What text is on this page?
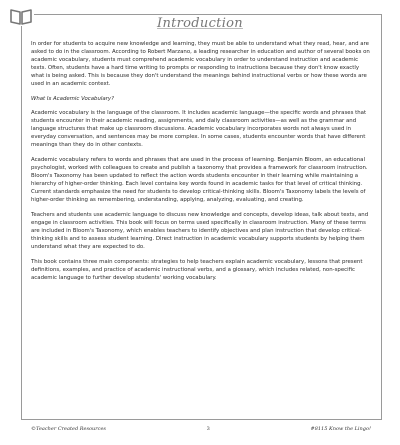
Introduction

In order for students to acquire new knowledge and learning, they must be able to understand what they read, hear, and are asked to do in the classroom. According to Robert Marzano, a leading researcher in education and author of several books on academic vocabulary, students must comprehend academic vocabulary in order to understand instruction and academic texts. Often, students have a hard time writing to prompts or responding to instructions because they don't know exactly what is being asked. This is because they don't understand the meanings behind instructional verbs or how these words are used in an academic context.

What Is Academic Vocabulary?

Academic vocabulary is the language of the classroom. It includes academic language—the specific words and phrases that students encounter in their academic reading, assignments, and daily classroom activities—as well as the grammar and language structures that make up classroom discussions. Academic vocabulary incorporates words not always used in everyday conversation, and sentences may be more complex. In some cases, students encounter words that have different meanings than they do in other contexts.

Academic vocabulary refers to words and phrases that are used in the process of learning. Benjamin Bloom, an educational psychologist, worked with colleagues to create and publish a taxonomy that provides a framework for classroom instruction. Bloom's Taxonomy has been updated to reflect the action words students encounter in their learning while maintaining a hierarchy of higher-order thinking. Each level contains key words found in academic tasks for that level of critical thinking. Current standards emphasize the need for students to develop critical-thinking skills. Bloom's Taxonomy labels the levels of higher-order thinking as remembering, understanding, applying, analyzing, evaluating, and creating.

Teachers and students use academic language to discuss new knowledge and concepts, develop ideas, talk about texts, and engage in classroom activities. This book will focus on terms used specifically in classroom instruction. Many of these terms are included in Bloom's Taxonomy, which enables teachers to identify objectives and plan instruction that develop critical-thinking skills and to assess student learning. Direct instruction in academic vocabulary supports students by helping them understand what they are expected to do.

This book contains three main components: strategies to help teachers explain academic vocabulary, lessons that present definitions, examples, and practice of academic instructional verbs, and a glossary, which includes related, non-specific academic language to further develop students' working vocabulary.

©Teacher Created Resources	3	#8115 Know the Lingo!
